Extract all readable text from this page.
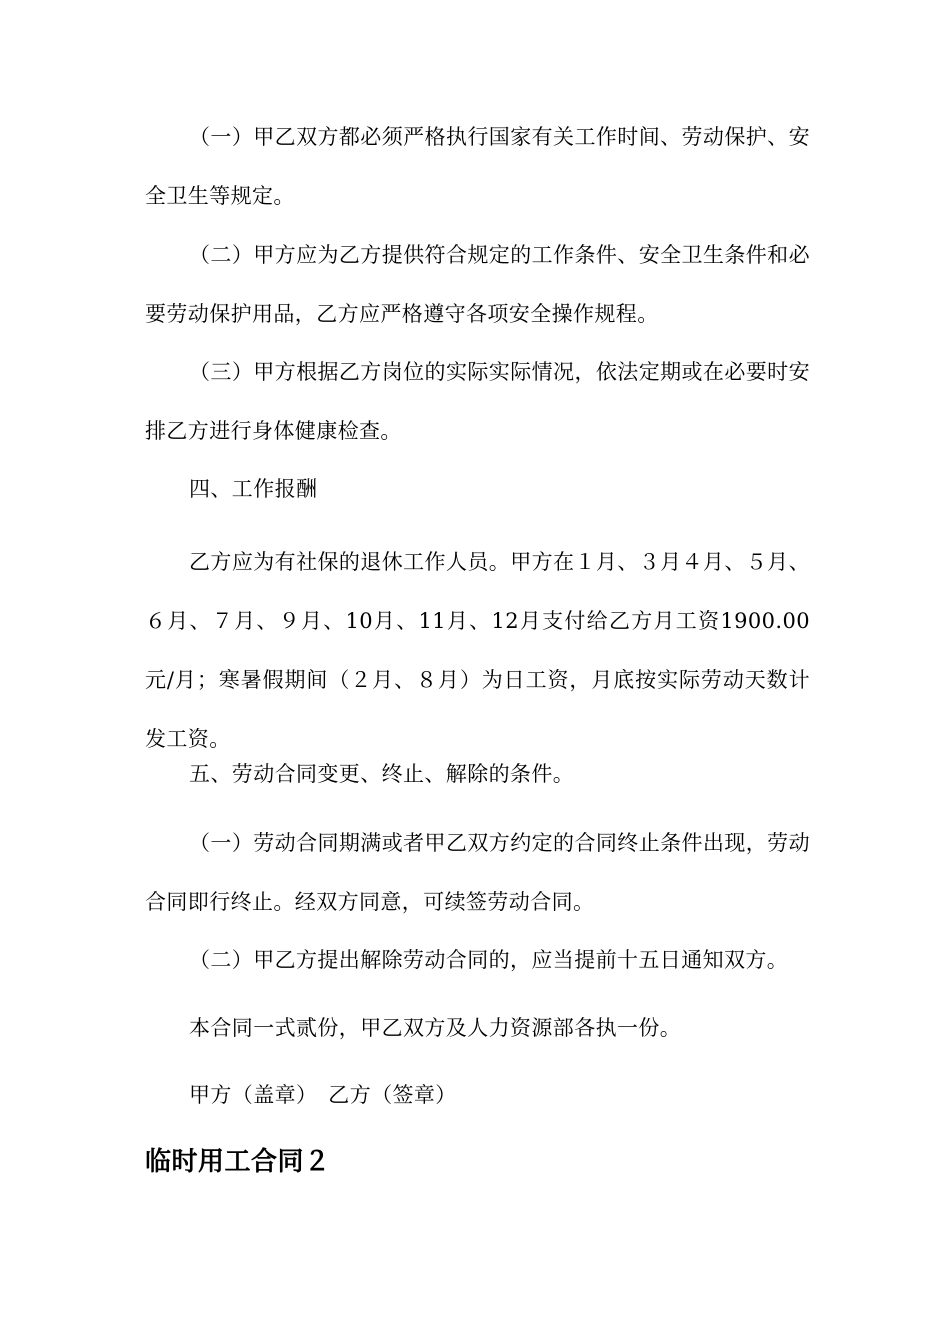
（一）甲乙双方都必须严格执行国家有关工作时间、劳动保护、安全卫生等规定。

（二）甲方应为乙方提供符合规定的工作条件、安全卫生条件和必要劳动保护用品，乙方应严格遵守各项安全操作规程。

（三）甲方根据乙方岗位的实际实际情况，依法定期或在必要时安排乙方进行身体健康检查。

四、工作报酬

乙方应为有社保的退休工作人员。甲方在１月、３月４月、５月、６月、７月、９月、10月、11月、12月支付给乙方月工资1900.00元/月；寒暑假期间（２月、８月）为日工资，月底按实际劳动天数计发工资。

五、劳动合同变更、终止、解除的条件。

（一）劳动合同期满或者甲乙双方约定的合同终止条件出现，劳动合同即行终止。经双方同意，可续签劳动合同。

（二）甲乙方提出解除劳动合同的，应当提前十五日通知双方。

本合同一式贰份，甲乙双方及人力资源部各执一份。

甲方（盖章）　乙方（签章）

临时用工合同２
